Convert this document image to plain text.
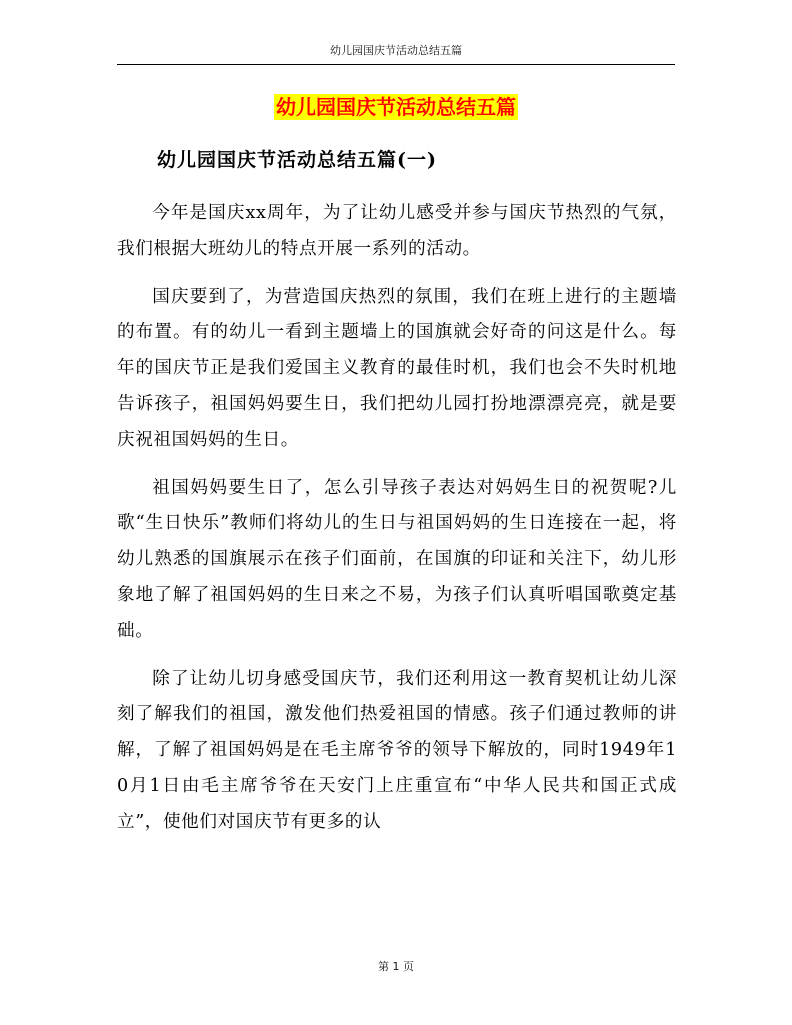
幼儿园国庆节活动总结五篇
幼儿园国庆节活动总结五篇
幼儿园国庆节活动总结五篇(一)

今年是国庆xx周年，为了让幼儿感受并参与国庆节热烈的气氛，我们根据大班幼儿的特点开展一系列的活动。

国庆要到了，为营造国庆热烈的氛围，我们在班上进行的主题墙的布置。有的幼儿一看到主题墙上的国旗就会好奇的问这是什么。每年的国庆节正是我们爱国主义教育的最佳时机，我们也会不失时机地告诉孩子，祖国妈妈要生日，我们把幼儿园打扮地漂漂亮亮，就是要庆祝祖国妈妈的生日。

祖国妈妈要生日了，怎么引导孩子表达对妈妈生日的祝贺呢?儿歌“生日快乐”教师们将幼儿的生日与祖国妈妈的生日连接在一起，将幼儿熟悉的国旗展示在孩子们面前，在国旗的印证和关注下，幼儿形象地了解了祖国妈妈的生日来之不易，为孩子们认真听唱国歌奠定基础。

除了让幼儿切身感受国庆节，我们还利用这一教育契机让幼儿深刻了解我们的祖国，激发他们热爱祖国的情感。孩子们通过教师的讲解，了解了祖国妈妈是在毛主席爷爷的领导下解放的，同时1949年10月1日由毛主席爷爷在天安门上庄重宣布“中华人民共和国正式成立”，使他们对国庆节有更多的认

第 1 页
